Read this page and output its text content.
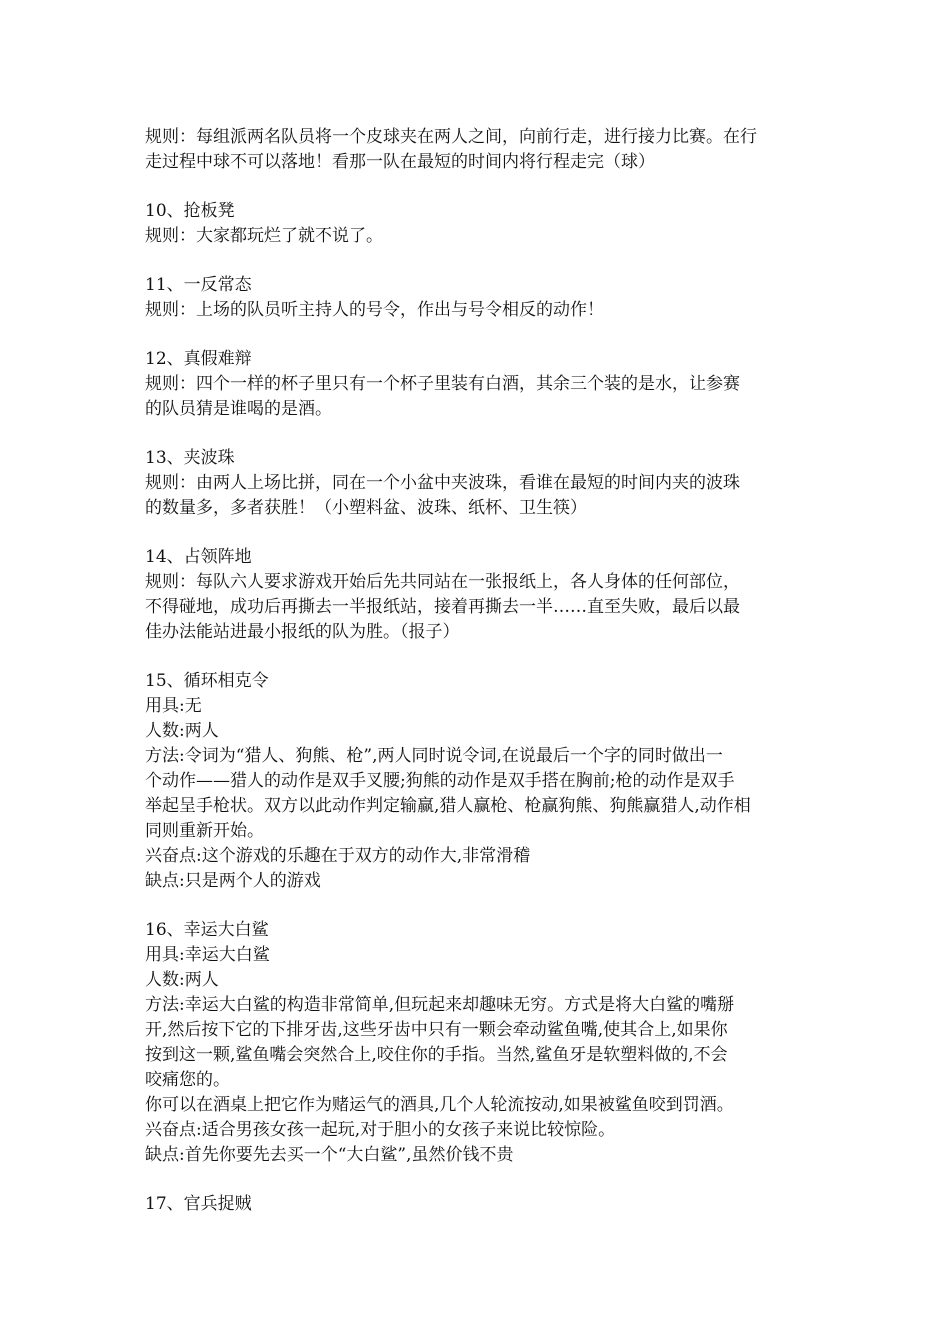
规则：每组派两名队员将一个皮球夹在两人之间，向前行走，进行接力比赛。在行
走过程中球不可以落地！看那一队在最短的时间内将行程走完（球）
10、抢板凳
规则：大家都玩烂了就不说了。
11、一反常态
规则：上场的队员听主持人的号令，作出与号令相反的动作！
12、真假难辩
规则：四个一样的杯子里只有一个杯子里装有白酒，其余三个装的是水，让参赛
的队员猜是谁喝的是酒。
13、夹波珠
规则：由两人上场比拼，同在一个小盆中夹波珠，看谁在最短的时间内夹的波珠
的数量多，多者获胜！（小塑料盆、波珠、纸杯、卫生筷）
14、占领阵地
规则：每队六人要求游戏开始后先共同站在一张报纸上，各人身体的任何部位，
不得碰地，成功后再撕去一半报纸站，接着再撕去一半……直至失败，最后以最
佳办法能站进最小报纸的队为胜。（报子）
15、循环相克令
用具:无
人数:两人
方法:令词为“猎人、狗熊、枪”,两人同时说令词,在说最后一个字的同时做出一
个动作——猎人的动作是双手叉腰;狗熊的动作是双手搭在胸前;枪的动作是双手
举起呈手枪状。双方以此动作判定输赢,猎人赢枪、枪赢狗熊、狗熊赢猎人,动作相
同则重新开始。
兴奋点:这个游戏的乐趣在于双方的动作大,非常滑稽
缺点:只是两个人的游戏
16、幸运大白鲨
用具:幸运大白鲨
人数:两人
方法:幸运大白鲨的构造非常简单,但玩起来却趣味无穷。方式是将大白鲨的嘴掰
开,然后按下它的下排牙齿,这些牙齿中只有一颗会牵动鲨鱼嘴,使其合上,如果你
按到这一颗,鲨鱼嘴会突然合上,咬住你的手指。当然,鲨鱼牙是软塑料做的,不会
咬痛您的。
你可以在酒桌上把它作为赌运气的酒具,几个人轮流按动,如果被鲨鱼咬到罚酒。
兴奋点:适合男孩女孩一起玩,对于胆小的女孩子来说比较惊险。
缺点:首先你要先去买一个“大白鲨”,虽然价钱不贵
17、官兵捉贼
